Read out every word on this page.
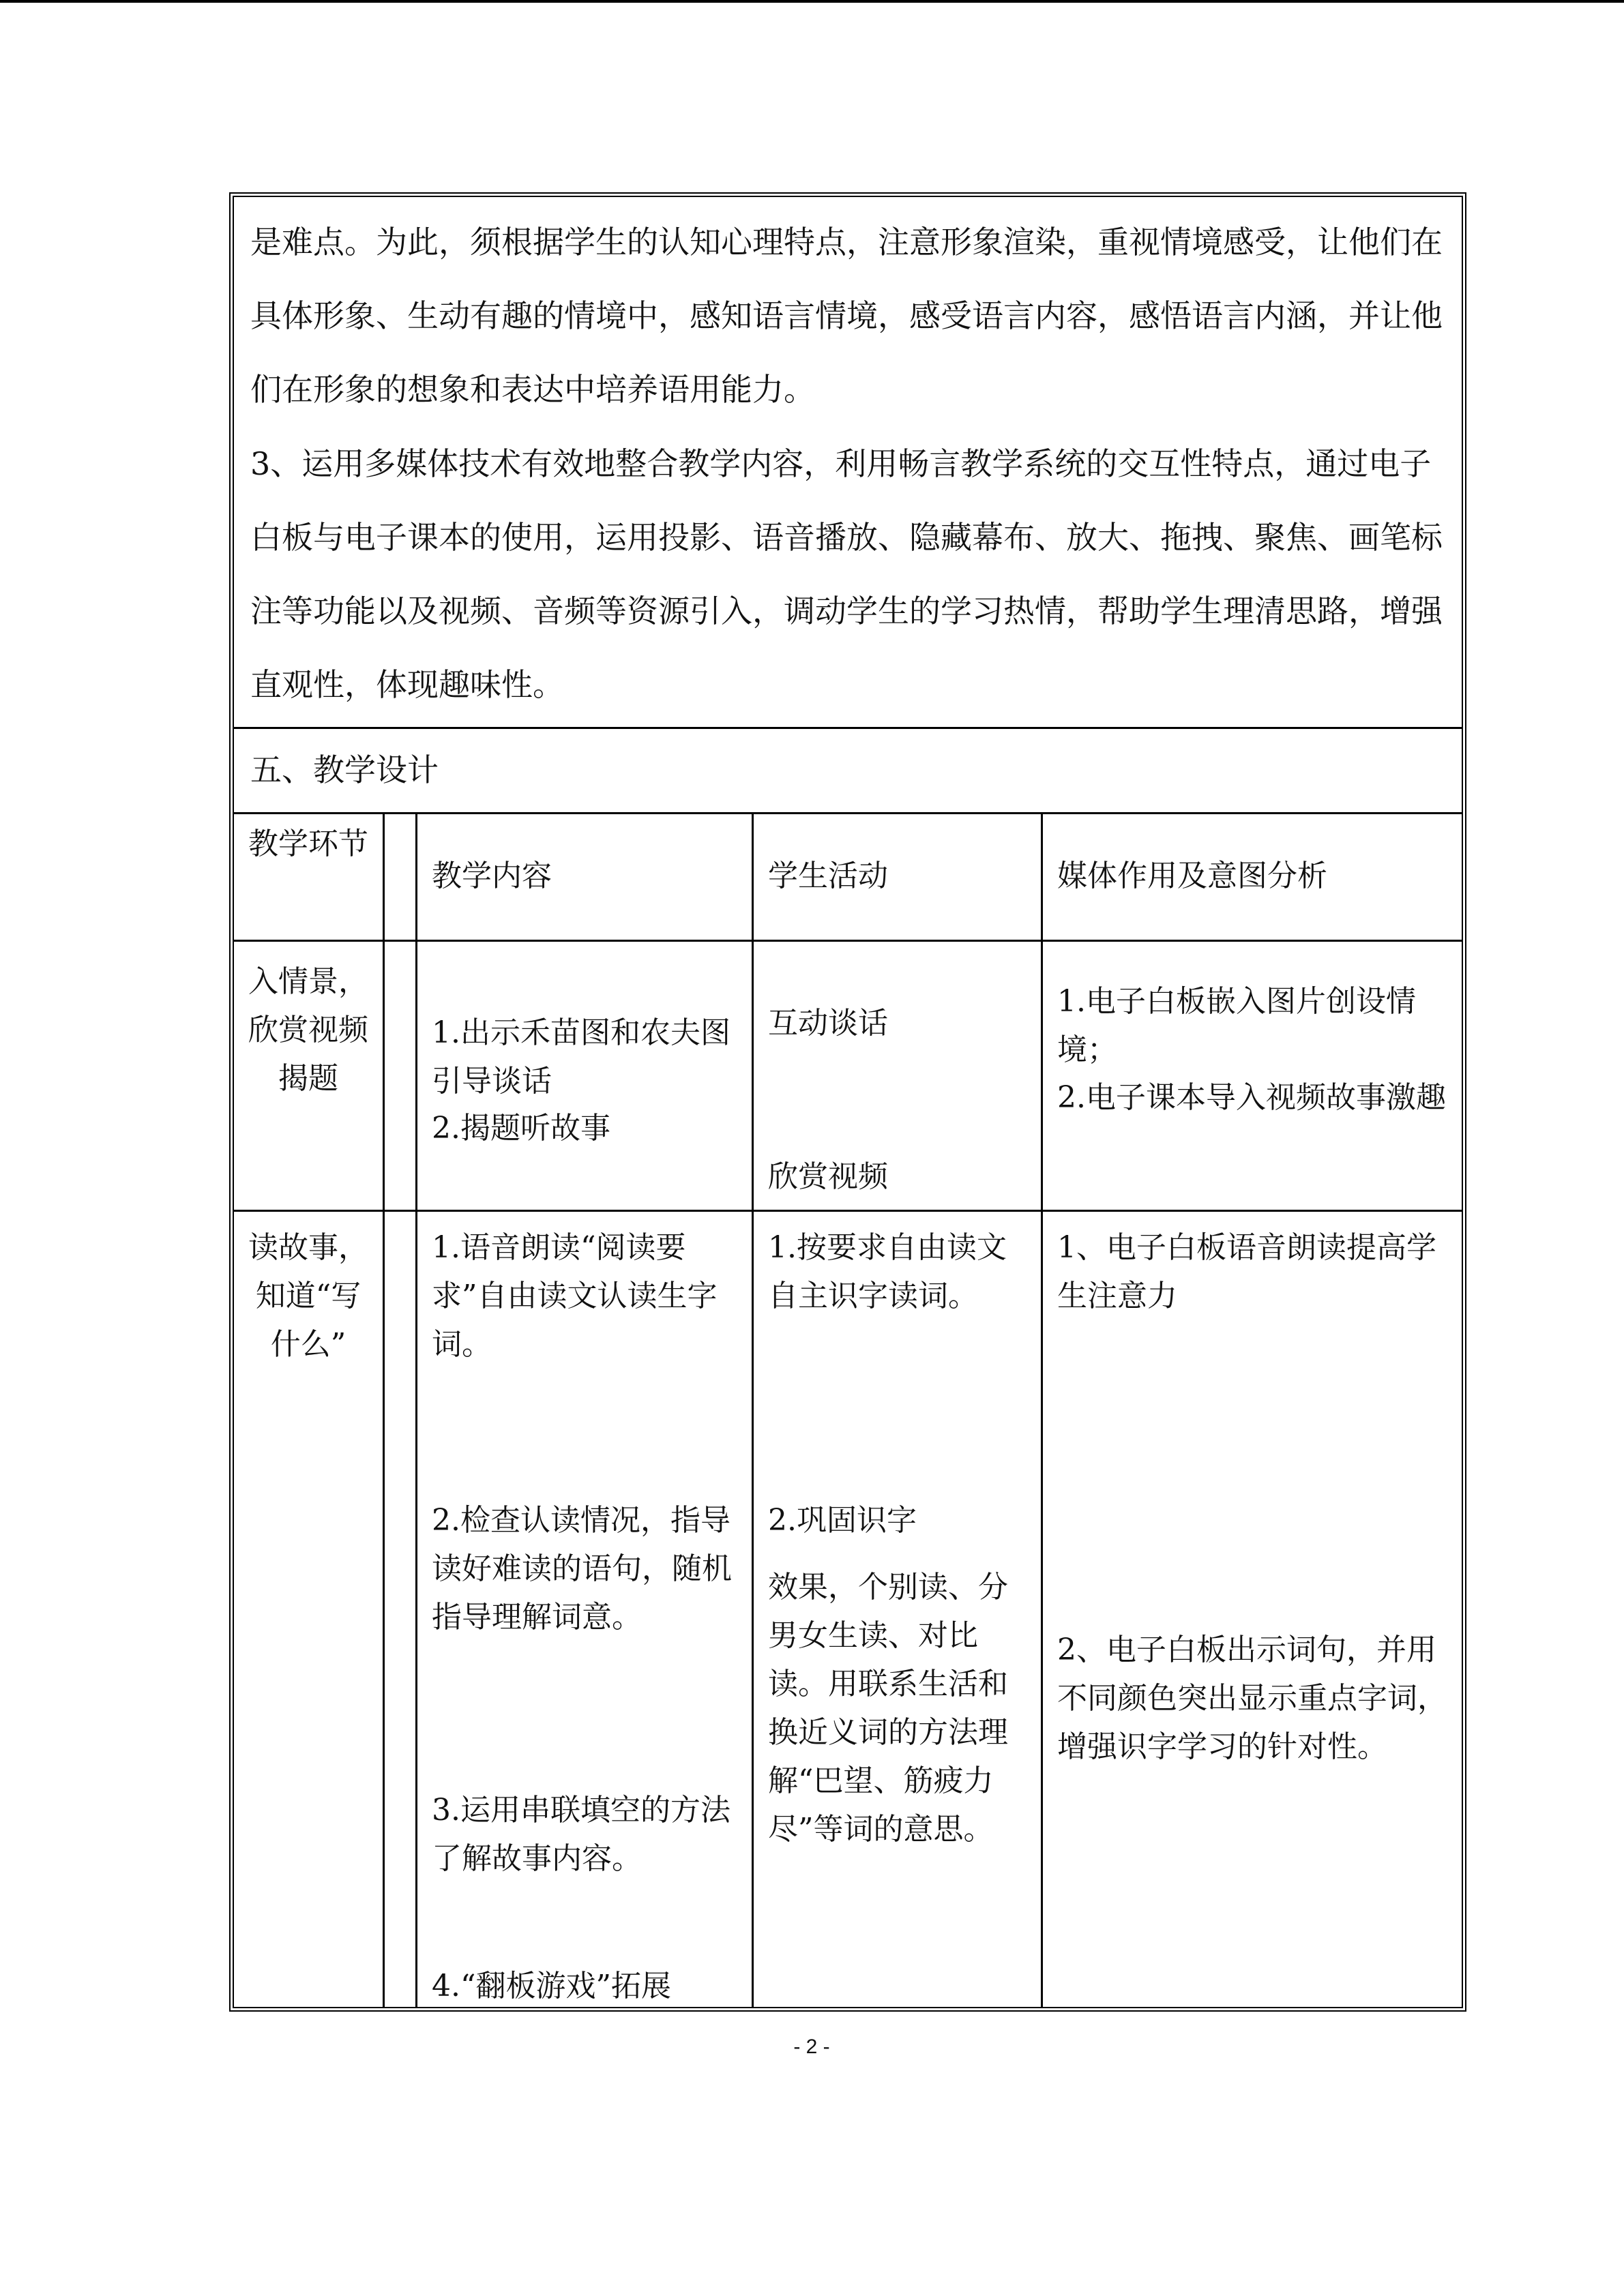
是难点。为此，须根据学生的认知心理特点，注意形象渲染，重视情境感受，让他们在具体形象、生动有趣的情境中，感知语言情境，感受语言内容，感悟语言内涵，并让他们在形象的想象和表达中培养语用能力。
3、运用多媒体技术有效地整合教学内容，利用畅言教学系统的交互性特点，通过电子白板与电子课本的使用，运用投影、语音播放、隐藏幕布、放大、拖拽、聚焦、画笔标注等功能以及视频、音频等资源引入，调动学生的学习热情，帮助学生理清思路，增强直观性，体现趣味性。
五、教学设计
教学环节
教学内容	学生活动	媒体作用及意图分析
入情景，欣赏视频揭题
1.出示禾苗图和农夫图引导谈话
2.揭题听故事
互动谈话
欣赏视频
1.电子白板嵌入图片创设情境；
2.电子课本导入视频故事激趣
读故事，知道“写什么”
1.语音朗读“阅读要求”自由读文认读生字词。
2.检查认读情况，指导读好难读的语句，随机指导理解词意。
3.运用串联填空的方法了解故事内容。
4.“翻板游戏”拓展
1.按要求自由读文自主识字读词。
2.巩固识字
效果，个别读、分男女生读、对比读。用联系生活和换近义词的方法理解“巴望、筋疲力尽”等词的意思。
1、电子白板语音朗读提高学生注意力
2、电子白板出示词句，并用不同颜色突出显示重点字词，增强识字学习的针对性。
- 2 -
